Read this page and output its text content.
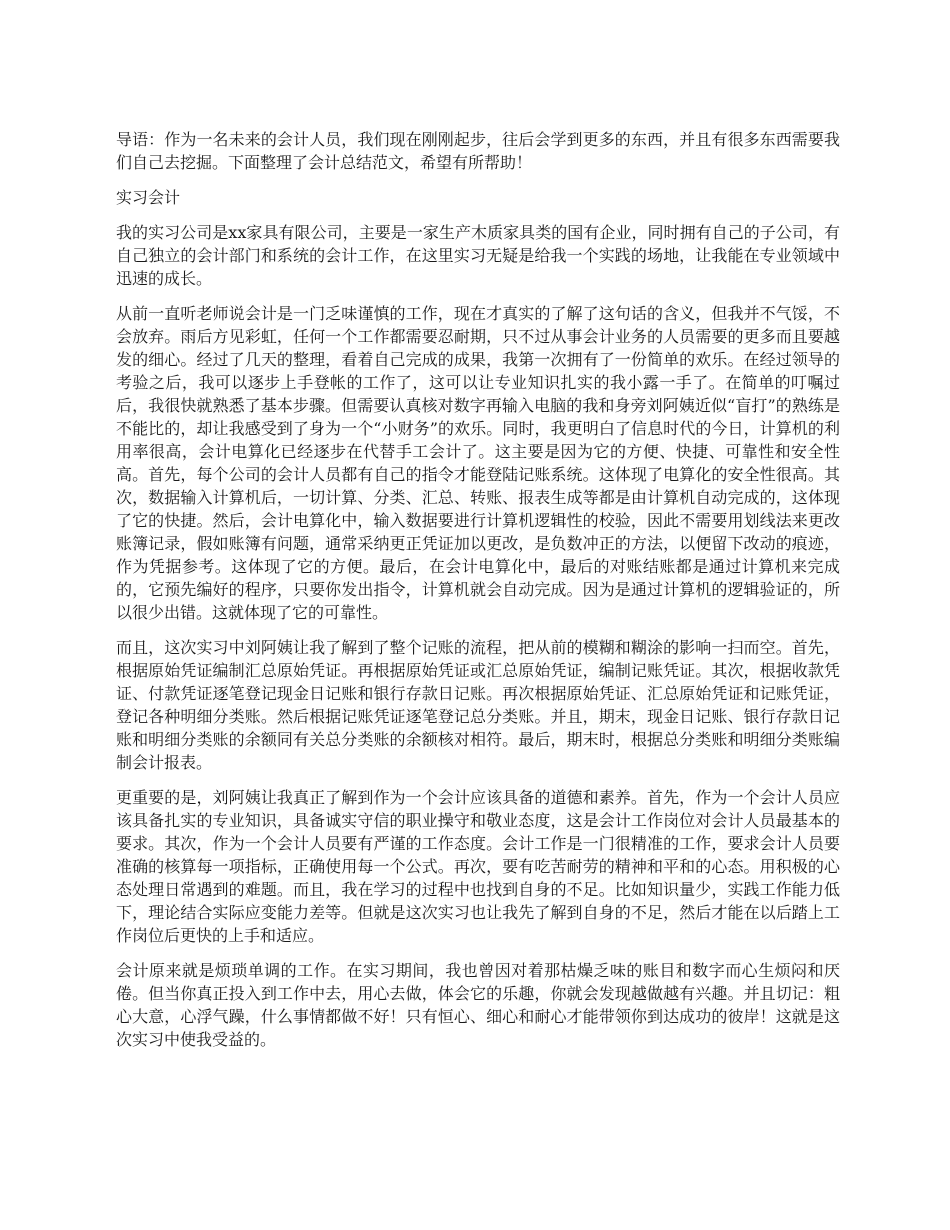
导语：作为一名未来的会计人员，我们现在刚刚起步，往后会学到更多的东西，并且有很多东西需要我们自己去挖掘。下面整理了会计总结范文，希望有所帮助！

实习会计

我的实习公司是xx家具有限公司，主要是一家生产木质家具类的国有企业，同时拥有自己的子公司，有自己独立的会计部门和系统的会计工作，在这里实习无疑是给我一个实践的场地，让我能在专业领域中迅速的成长。

从前一直听老师说会计是一门乏味谨慎的工作，现在才真实的了解了这句话的含义，但我并不气馁，不会放弃。雨后方见彩虹，任何一个工作都需要忍耐期，只不过从事会计业务的人员需要的更多而且要越发的细心。经过了几天的整理，看着自己完成的成果，我第一次拥有了一份简单的欢乐。在经过领导的考验之后，我可以逐步上手登帐的工作了，这可以让专业知识扎实的我小露一手了。在简单的叮嘱过后，我很快就熟悉了基本步骤。但需要认真核对数字再输入电脑的我和身旁刘阿姨近似“盲打”的熟练是不能比的，却让我感受到了身为一个“小财务”的欢乐。同时，我更明白了信息时代的今日，计算机的利用率很高，会计电算化已经逐步在代替手工会计了。这主要是因为它的方便、快捷、可靠性和安全性高。首先，每个公司的会计人员都有自己的指令才能登陆记账系统。这体现了电算化的安全性很高。其次，数据输入计算机后，一切计算、分类、汇总、转账、报表生成等都是由计算机自动完成的，这体现了它的快捷。然后，会计电算化中，输入数据要进行计算机逻辑性的校验，因此不需要用划线法来更改账簿记录，假如账簿有问题，通常采纳更正凭证加以更改，是负数冲正的方法，以便留下改动的痕迹，作为凭据参考。这体现了它的方便。最后，在会计电算化中，最后的对账结账都是通过计算机来完成的，它预先编好的程序，只要你发出指令，计算机就会自动完成。因为是通过计算机的逻辑验证的，所以很少出错。这就体现了它的可靠性。

而且，这次实习中刘阿姨让我了解到了整个记账的流程，把从前的模糊和糊涂的影响一扫而空。首先，根据原始凭证编制汇总原始凭证。再根据原始凭证或汇总原始凭证，编制记账凭证。其次，根据收款凭证、付款凭证逐笔登记现金日记账和银行存款日记账。再次根据原始凭证、汇总原始凭证和记账凭证，登记各种明细分类账。然后根据记账凭证逐笔登记总分类账。并且，期末，现金日记账、银行存款日记账和明细分类账的余额同有关总分类账的余额核对相符。最后，期末时，根据总分类账和明细分类账编制会计报表。

更重要的是，刘阿姨让我真正了解到作为一个会计应该具备的道德和素养。首先，作为一个会计人员应该具备扎实的专业知识，具备诚实守信的职业操守和敬业态度，这是会计工作岗位对会计人员最基本的要求。其次，作为一个会计人员要有严谨的工作态度。会计工作是一门很精准的工作，要求会计人员要准确的核算每一项指标，正确使用每一个公式。再次，要有吃苦耐劳的精神和平和的心态。用积极的心态处理日常遇到的难题。而且，我在学习的过程中也找到自身的不足。比如知识量少，实践工作能力低下，理论结合实际应变能力差等。但就是这次实习也让我先了解到自身的不足，然后才能在以后踏上工作岗位后更快的上手和适应。

会计原来就是烦琐单调的工作。在实习期间，我也曾因对着那枯燥乏味的账目和数字而心生烦闷和厌倦。但当你真正投入到工作中去，用心去做，体会它的乐趣，你就会发现越做越有兴趣。并且切记：粗心大意，心浮气躁，什么事情都做不好！只有恒心、细心和耐心才能带领你到达成功的彼岸！这就是这次实习中使我受益的。
